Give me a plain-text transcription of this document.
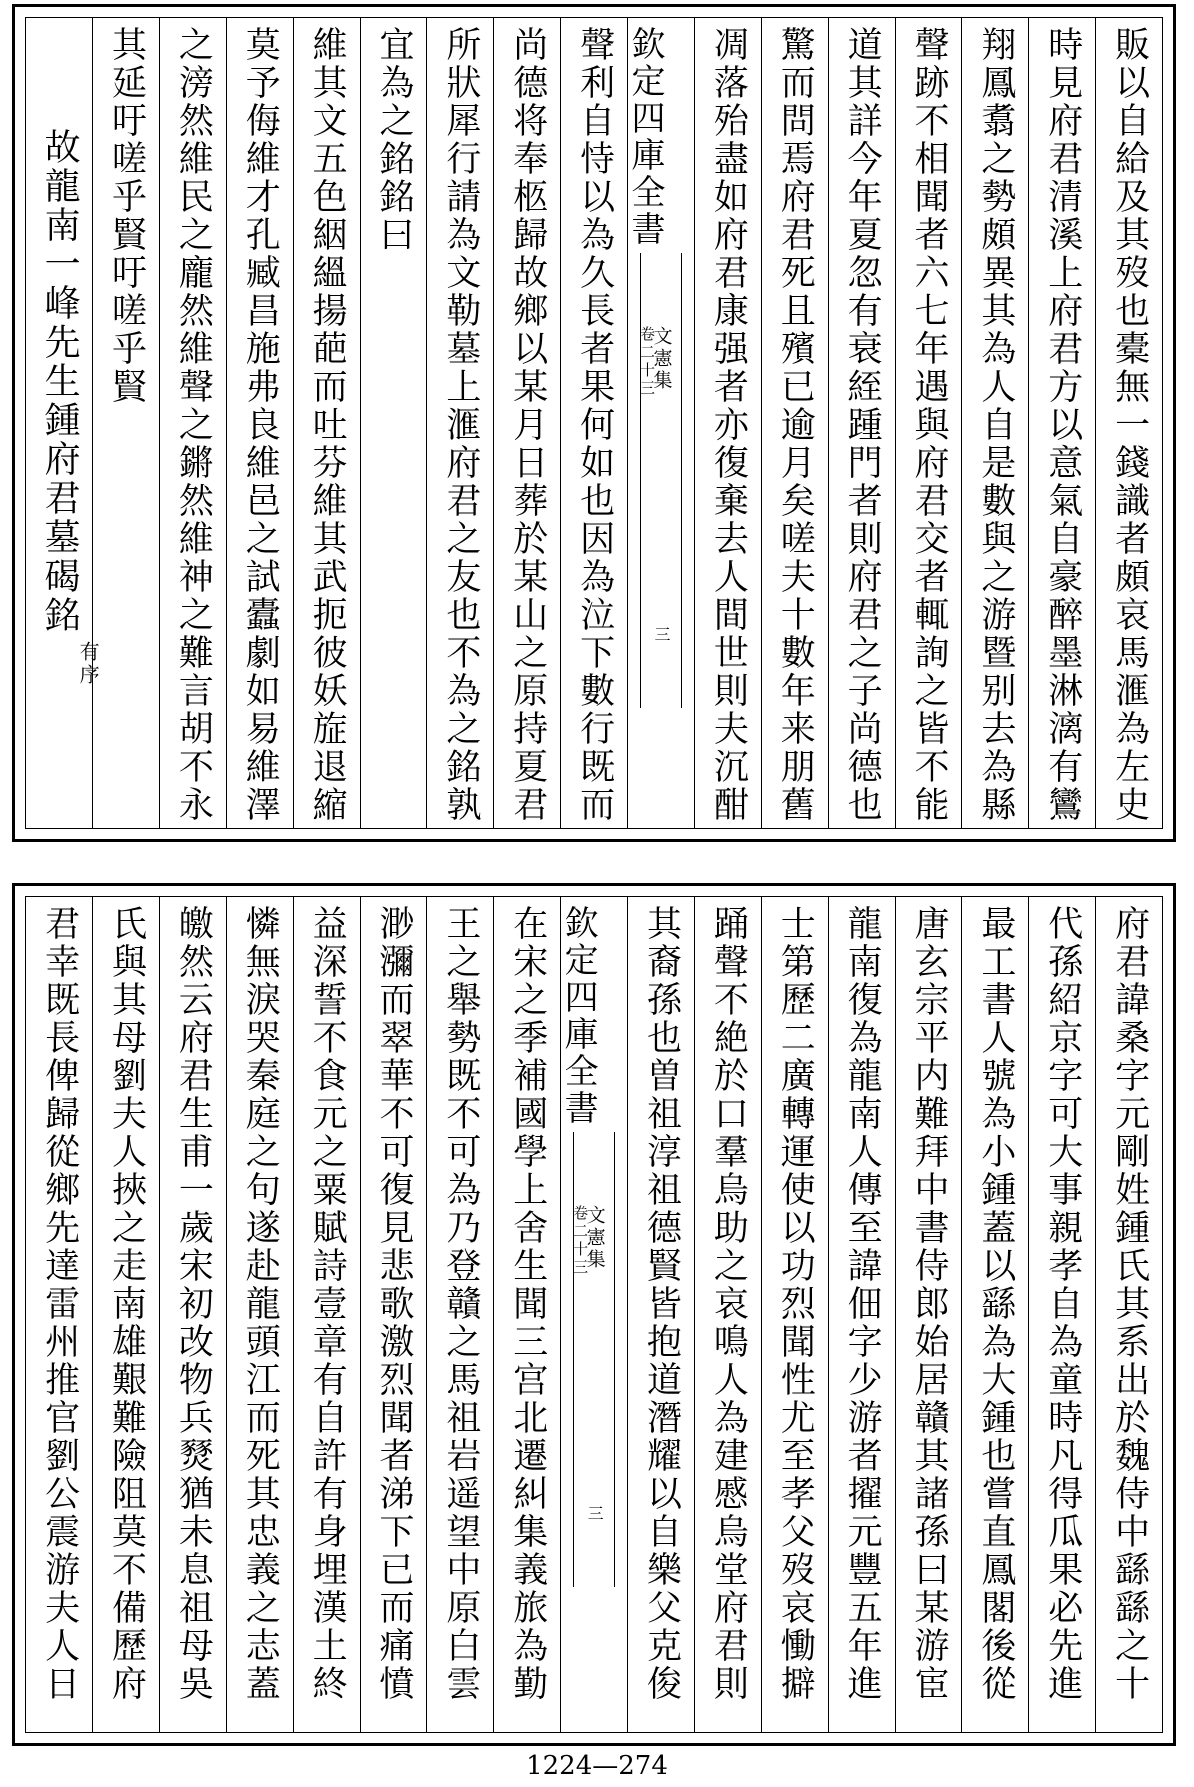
販以自給及其歿也橐無一錢識者頗哀馬滙為左史
時見府君清溪上府君方以意氣自豪醉墨淋漓有鸞
翔鳳翥之勢頗異其為人自是數與之游暨别去為縣
聲跡不相聞者六七年遇與府君交者輒詢之皆不能
道其詳今年夏忽有衰絰踵門者則府君之子尚德也
驚而問焉府君死且殯已逾月矣嗟夫十數年来朋舊
凋落殆盡如府君康强者亦復棄去人間世則夫沉酣
欽定四庫全書
文憲集
卷二十三
三
聲利自恃以為久長者果何如也因為泣下數行既而
尚德将奉柩歸故鄉以某月日葬於某山之原持夏君
所狀犀行請為文勒墓上滙府君之友也不為之銘孰
宜為之銘銘曰
維其文五色絪縕揚葩而吐芬維其武扼彼妖㫌退縮
莫予侮維才孔臧昌施弗良維邑之試蠹劇如易維澤
之滂然維民之龐然維聲之鏘然維神之難言胡不永
其延吁嗟乎賢吁嗟乎賢
故龍南一峰先生鍾府君墓碣銘
有序
府君諱桑字元剛姓鍾氏其系出於魏侍中繇繇之十
代孫紹京字可大事親孝自為童時凡得瓜果必先進
最工書人號為小鍾蓋以繇為大鍾也嘗直鳳閣後從
唐玄宗平内難拜中書侍郎始居贛其諸孫曰某游宦
龍南復為龍南人傳至諱佃字少游者擢元豐五年進
士第歷二廣轉運使以功烈聞性尤至孝父歿哀慟擗
踊聲不絶於口羣烏助之哀鳴人為建慼烏堂府君則
其裔孫也曽祖淳祖德賢皆抱道潛耀以自樂父克俊
欽定四庫全書
文憲集
卷二十三
三
在宋之季補國學上舍生聞三宫北遷糾集義旅為勤
王之舉勢既不可為乃登贛之馬祖岩遥望中原白雲
渺瀰而翠華不可復見悲歌激烈聞者涕下已而痛憤
益深誓不食元之粟賦詩壹章有自許有身埋漢土終
憐無淚哭秦庭之句遂赴龍頭江而死其忠義之志蓋
皦然云府君生甫一歲宋初改物兵燹猶未息祖母吳
氏與其母劉夫人挾之走南雄艱難險阻莫不備歷府
君幸既長俾歸從鄉先達雷州推官劉公震游夫人日
1224—274
